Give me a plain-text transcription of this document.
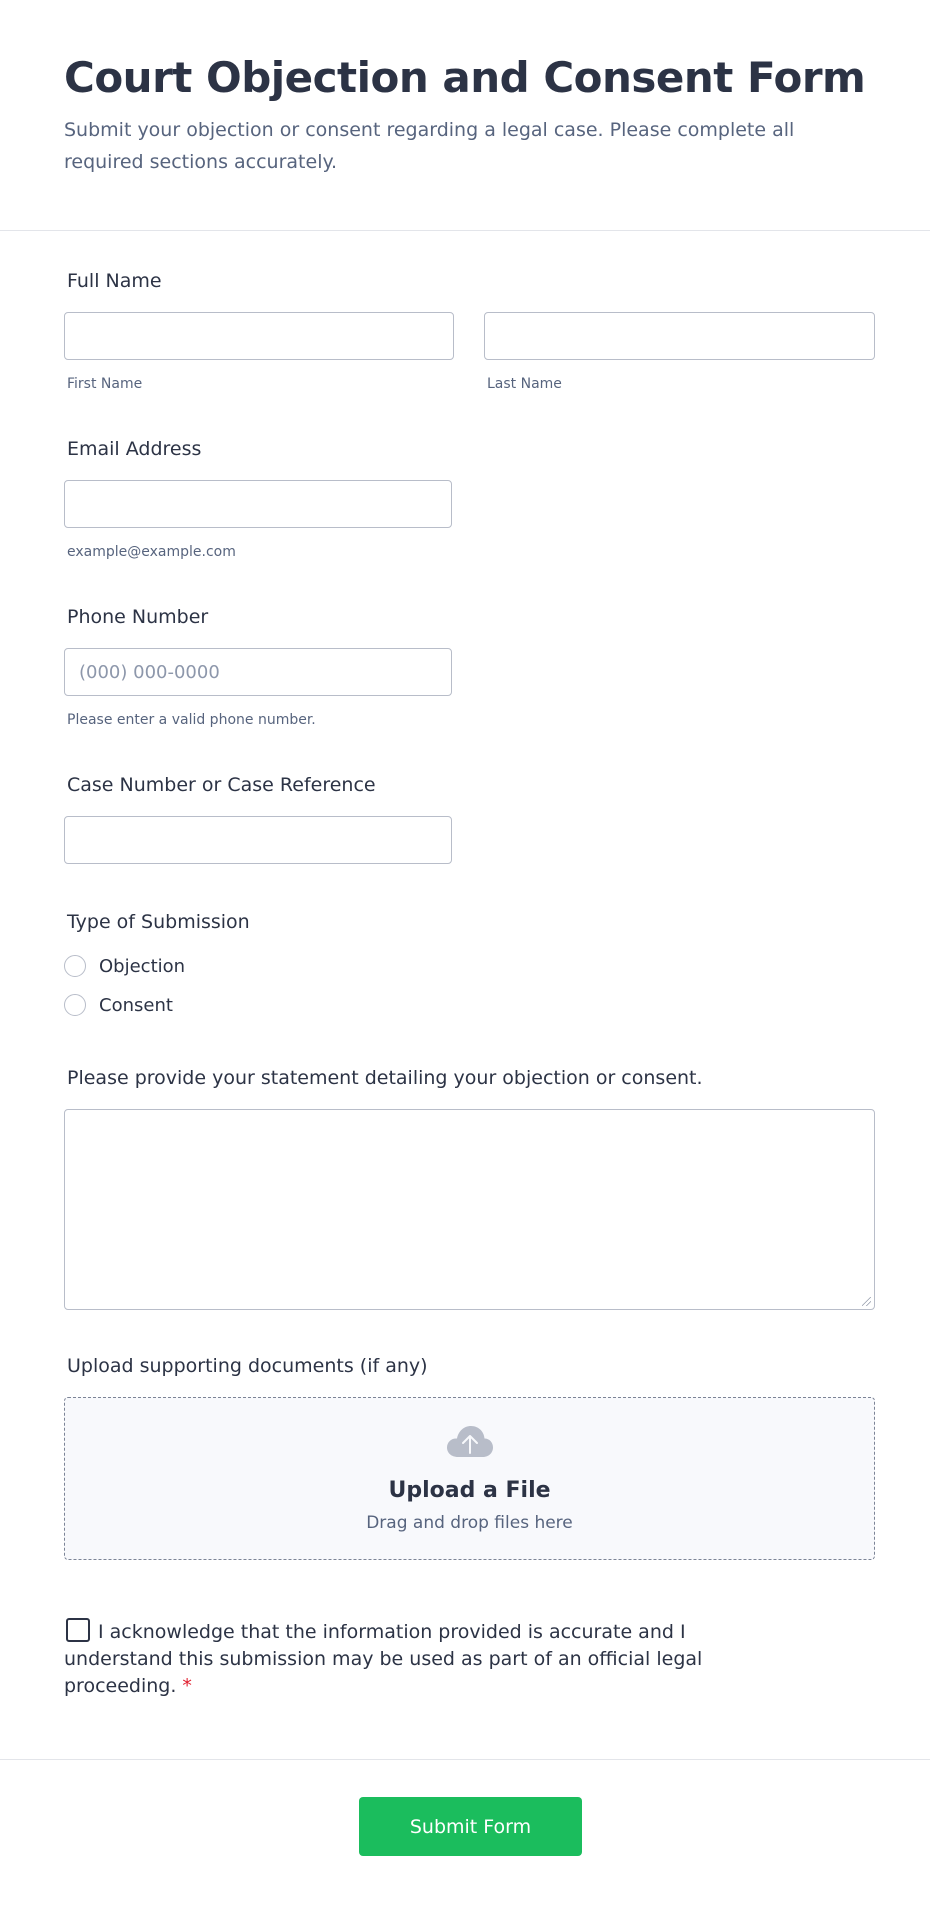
Court Objection and Consent Form

Submit your objection or consent regarding a legal case. Please complete all required sections accurately.

Full Name
First Name	Last Name
Email Address
example@example.com
Phone Number
(000) 000-0000
Please enter a valid phone number.
Case Number or Case Reference
Type of Submission
Objection
Consent
Please provide your statement detailing your objection or consent.
Upload supporting documents (if any)
Upload a File
Drag and drop files here
I acknowledge that the information provided is accurate and I understand this submission may be used as part of an official legal proceeding. *
Submit Form
